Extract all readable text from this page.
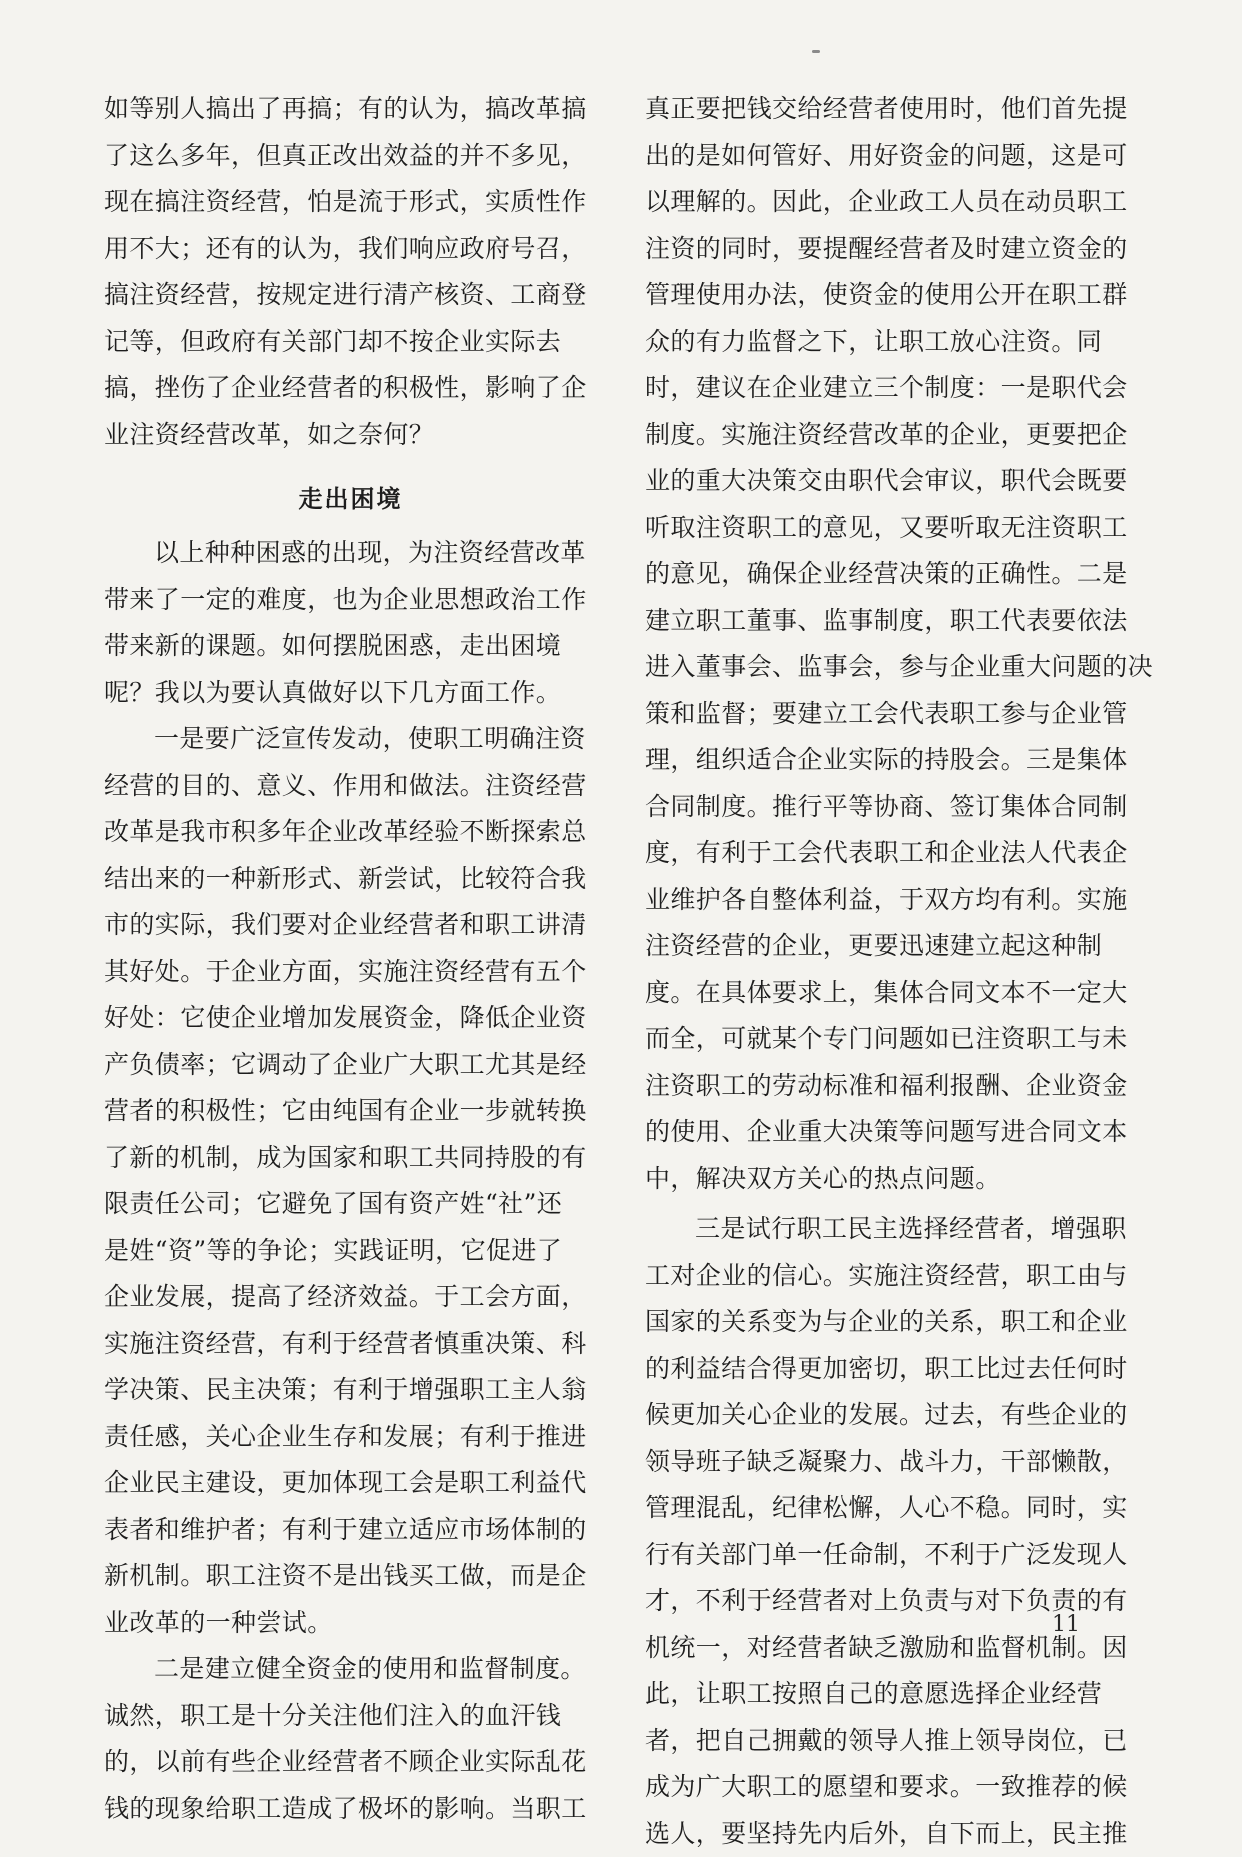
如等别人搞出了再搞；有的认为，搞改革搞
了这么多年，但真正改出效益的并不多见，
现在搞注资经营，怕是流于形式，实质性作
用不大；还有的认为，我们响应政府号召，
搞注资经营，按规定进行清产核资、工商登
记等，但政府有关部门却不按企业实际去
搞，挫伤了企业经营者的积极性，影响了企
业注资经营改革，如之奈何？
走出困境
以上种种困惑的出现，为注资经营改革
带来了一定的难度，也为企业思想政治工作
带来新的课题。如何摆脱困惑，走出困境
呢？我以为要认真做好以下几方面工作。
一是要广泛宣传发动，使职工明确注资
经营的目的、意义、作用和做法。注资经营
改革是我市积多年企业改革经验不断探索总
结出来的一种新形式、新尝试，比较符合我
市的实际，我们要对企业经营者和职工讲清
其好处。于企业方面，实施注资经营有五个
好处：它使企业增加发展资金，降低企业资
产负债率；它调动了企业广大职工尤其是经
营者的积极性；它由纯国有企业一步就转换
了新的机制，成为国家和职工共同持股的有
限责任公司；它避免了国有资产姓“社”还
是姓“资”等的争论；实践证明，它促进了
企业发展，提高了经济效益。于工会方面，
实施注资经营，有利于经营者慎重决策、科
学决策、民主决策；有利于增强职工主人翁
责任感，关心企业生存和发展；有利于推进
企业民主建设，更加体现工会是职工利益代
表者和维护者；有利于建立适应市场体制的
新机制。职工注资不是出钱买工做，而是企
业改革的一种尝试。
二是建立健全资金的使用和监督制度。
诚然，职工是十分关注他们注入的血汗钱
的，以前有些企业经营者不顾企业实际乱花
钱的现象给职工造成了极坏的影响。当职工
真正要把钱交给经营者使用时，他们首先提
出的是如何管好、用好资金的问题，这是可
以理解的。因此，企业政工人员在动员职工
注资的同时，要提醒经营者及时建立资金的
管理使用办法，使资金的使用公开在职工群
众的有力监督之下，让职工放心注资。同
时，建议在企业建立三个制度：一是职代会
制度。实施注资经营改革的企业，更要把企
业的重大决策交由职代会审议，职代会既要
听取注资职工的意见，又要听取无注资职工
的意见，确保企业经营决策的正确性。二是
建立职工董事、监事制度，职工代表要依法
进入董事会、监事会，参与企业重大问题的决
策和监督；要建立工会代表职工参与企业管
理，组织适合企业实际的持股会。三是集体
合同制度。推行平等协商、签订集体合同制
度，有利于工会代表职工和企业法人代表企
业维护各自整体利益，于双方均有利。实施
注资经营的企业，更要迅速建立起这种制
度。在具体要求上，集体合同文本不一定大
而全，可就某个专门问题如已注资职工与未
注资职工的劳动标准和福利报酬、企业资金
的使用、企业重大决策等问题写进合同文本
中，解决双方关心的热点问题。
三是试行职工民主选择经营者，增强职
工对企业的信心。实施注资经营，职工由与
国家的关系变为与企业的关系，职工和企业
的利益结合得更加密切，职工比过去任何时
候更加关心企业的发展。过去，有些企业的
领导班子缺乏凝聚力、战斗力，干部懒散，
管理混乱，纪律松懈，人心不稳。同时，实
行有关部门单一任命制，不利于广泛发现人
才，不利于经营者对上负责与对下负责的有
机统一，对经营者缺乏激励和监督机制。因
此，让职工按照自己的意愿选择企业经营
者，把自己拥戴的领导人推上领导岗位，已
成为广大职工的愿望和要求。一致推荐的候
选人，要坚持先内后外，自下而上，民主推
11
